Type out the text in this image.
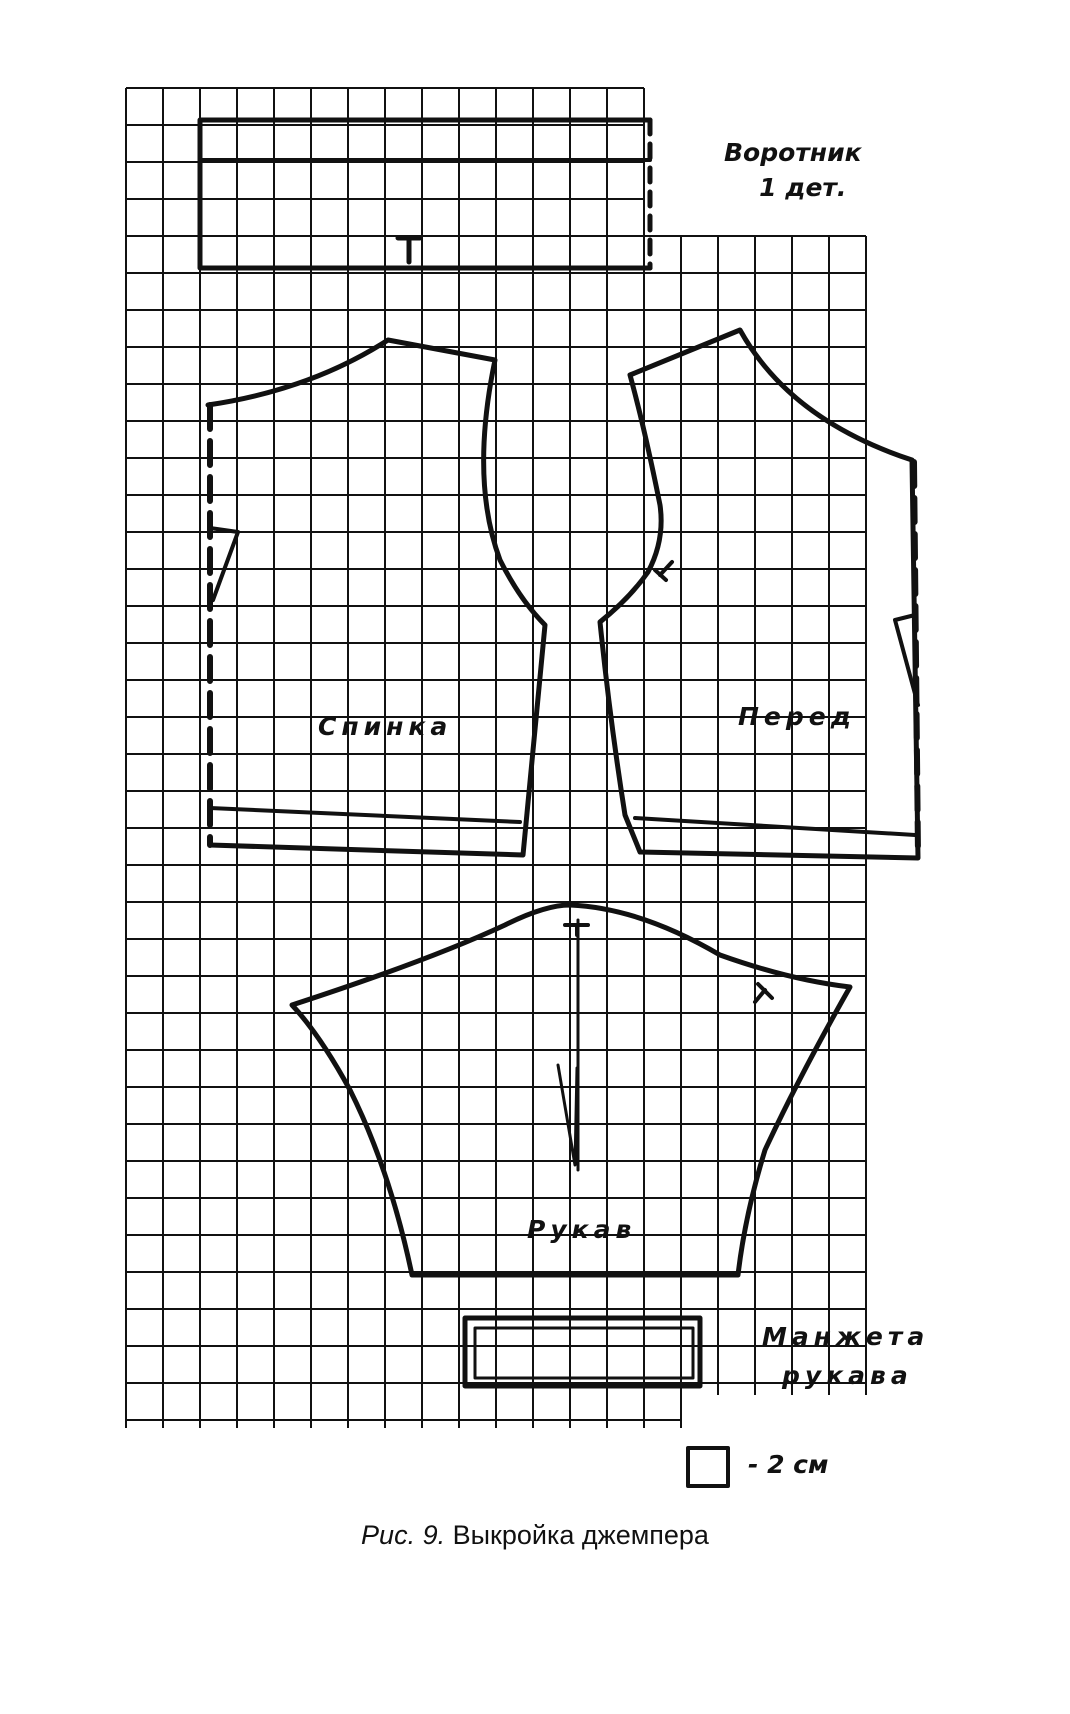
Воротник
1 дет.
Спинка	Перед
Рукав
Манжета
рукава
- 2 см
Рис. 9. Выкройка джемпера
